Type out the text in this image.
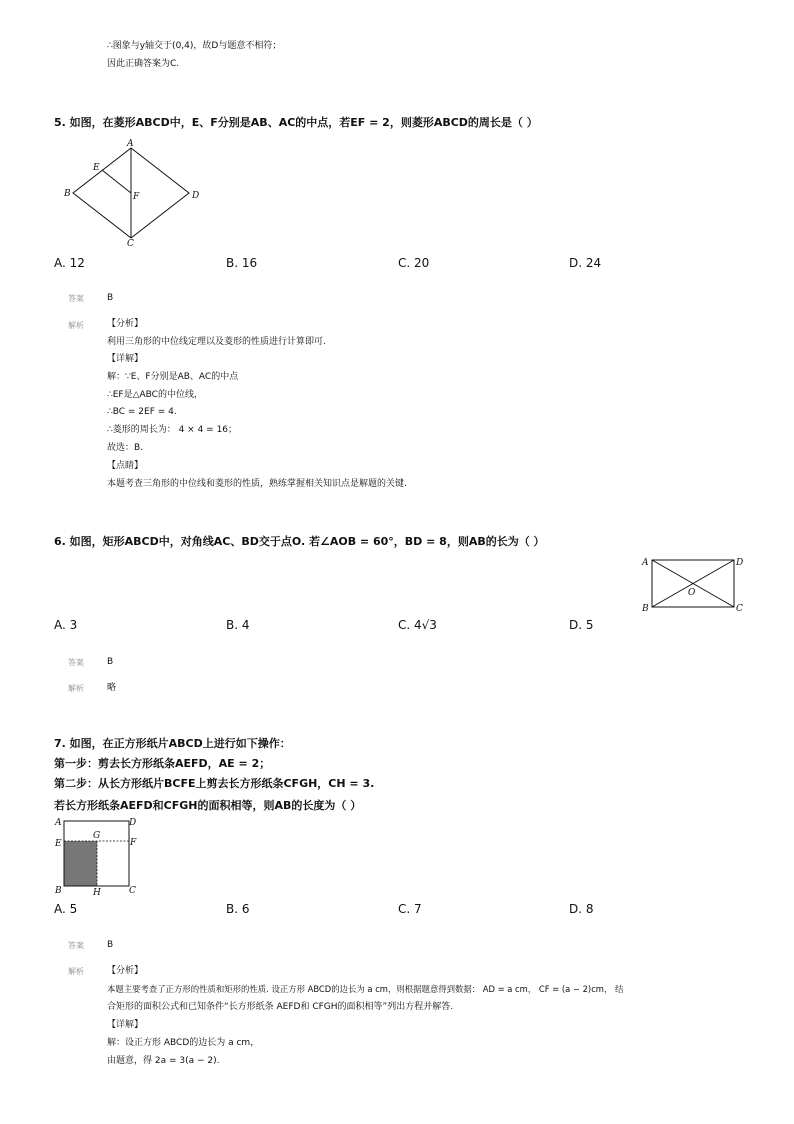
∴图象与y轴交于(0,4)，故D与题意不相符；
因此正确答案为C.
5. 如图，在菱形ABCD中，E、F分别是AB、AC的中点，若EF = 2，则菱形ABCD的周长是（ ）
A
B
C
D
E
F
A. 12	B. 16	C. 20	D. 24
答案	B
解析	【分析】
利用三角形的中位线定理以及菱形的性质进行计算即可.
【详解】
解：∵E、F分别是AB、AC的中点
∴EF是△ABC的中位线，
∴BC = 2EF = 4.
∴菱形的周长为： 4 × 4 = 16；
故选：B.
【点睛】
本题考查三角形的中位线和菱形的性质，熟练掌握相关知识点是解题的关键.
6. 如图，矩形ABCD中，对角线AC、BD交于点O. 若∠AOB = 60°，BD = 8，则AB的长为（ ）
A
B	C
D
O
A. 3	B. 4	C. 4√3	D. 5
答案	B
解析	略
7. 如图，在正方形纸片ABCD上进行如下操作：
第一步：剪去长方形纸条AEFD，AE = 2；
第二步：从长方形纸片BCFE上剪去长方形纸条CFGH，CH = 3.
若长方形纸条AEFD和CFGH的面积相等，则AB的长度为（ ）
A
E
B
D
F
C
G
H
A. 5	B. 6	C. 7	D. 8
答案	B
解析	【分析】
本题主要考查了正方形的性质和矩形的性质. 设正方形 ABCD的边长为 a cm，则根据题意得到数据： AD = a cm， CF = (a − 2)cm， 结
合矩形的面积公式和已知条件“长方形纸条 AEFD和 CFGH的面积相等”列出方程并解答.
【详解】
解：设正方形 ABCD的边长为 a cm，
由题意，得 2a = 3(a − 2).
